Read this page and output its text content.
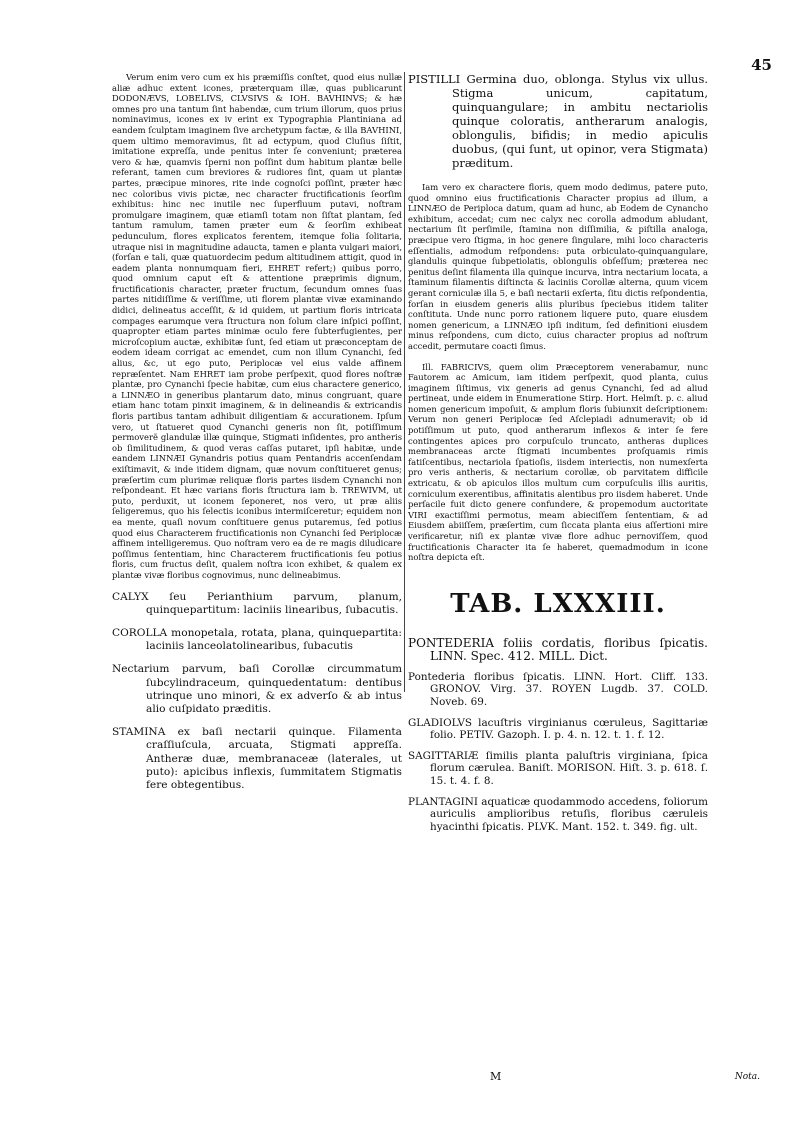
45

Verum enim vero cum ex his præmiſſis conſtet, quod eius nullæ aliæ adhuc extent icones, præterquam illæ, quas publicarunt DODONÆVS, LOBELIVS, CLVSIVS & IOH. BAVHINVS; & hæ omnes pro una tantum ſint habendæ, cum trium illorum, quos prius nominavimus, icones ex iv erint ex Typographia Plantiniana ad eandem ſculptam imaginem ſive archetypum factæ, & illa BAVHINI, quem ultimo memoravimus, ſit ad ectypum, quod Cluſius ſiſtit, imitatione expreſſa, unde penitus inter ſe conveniunt; præterea vero & hæ, quamvis ſperni non poſſint dum habitum plantæ belle referant, tamen cum breviores & rudiores ſint, quam ut plantæ partes, præcipue minores, rite inde cognoſci poſſint, præter hæc nec coloribus vivis pictæ, nec character fructificationis ſeorſim exhibitus: hinc nec inutile nec ſuperfluum putavi, noſtram promulgare imaginem, quæ etiamſi totam non ſiſtat plantam, ſed tantum ramulum, tamen præter eum & ſeorſim exhibeat pedunculum, flores explicatos ferentem, itemque folia ſolitaria, utraque nisi in magnitudine adaucta, tamen e planta vulgari maiori, (forſan e tali, quæ quatuordecim pedum altitudinem attigit, quod in eadem planta nonnumquam fieri, EHRET refert;) quibus porro, quod omnium caput eſt & attentione præprimis dignum, fructificationis character, præter fructum, ſecundum omnes ſuas partes nitidiſſime & veriſſime, uti florem plantæ vivæ examinando didici, delineatus acceſſit, & id quidem, ut partium floris intricata compages earumque vera ſtructura non ſolum clare inſpici poſſint, quapropter etiam partes minimæ oculo fere ſubterfugientes, per microſcopium auctæ, exhibitæ ſunt, ſed etiam ut præconceptam de eodem ideam corrigat ac emendet, cum non illum Cynanchi, ſed alius, &c, ut ego puto, Periplocæ vel eius valde affinem repræſentet. Nam EHRET iam probe perſpexit, quod flores noſtræ plantæ, pro Cynanchi ſpecie habitæ, cum eius charactere generico, a LINNÆO in generibus plantarum dato, minus congruant, quare etiam hanc totam pinxit imaginem, & in delineandis & extricandis floris partibus tantam adhibuit diligentiam & accurationem. Ipſum vero, ut ſtatueret quod Cynanchi generis non ſit, potiſſimum permoverẽ glandulæ illæ quinque, Stigmati inſidentes, pro antheris ob ſimilitudinem, & quod veras caſſas putaret, ipſi habitæ, unde eandem LINNÆI Gynandris potius quam Pentandris accenſendam exiſtimavit, & inde itidem dignam, quæ novum conſtitueret genus; præſertim cum plurimæ reliquæ floris partes iisdem Cynanchi non reſpondeant. Et hæc varians floris ſtructura iam b. TREWIVM, ut puto, perduxit, ut iconem ſeponeret, nos vero, ut præ aliis ſeligeremus, quo his ſelectis iconibus intermiſceretur; equidem non ea mente, quaſi novum conſtituere genus putaremus, ſed potius quod eius Characterem fructificationis non Cynanchi ſed Periplocæ affinem intelligeremus. Quo noſtram vero ea de re magis diludicare poſſimus ſententiam, hinc Characterem fructificationis ſeu potius floris, cum fructus deſit, qualem noſtra icon exhibet, & qualem ex plantæ vivæ floribus cognovimus, nunc delineabimus.

CALYX ſeu Perianthium parvum, planum, quinquepartitum: laciniis linearibus, ſubacutis.

COROLLA monopetala, rotata, plana, quinquepartita: laciniis lanceolatolinearibus, ſubacutis

Nectarium parvum, baſi Corollæ circummatum ſubcylindraceum, quinquedentatum: dentibus utrinque uno minori, & ex adverſo & ab intus alio cuſpidato præditis.

STAMINA ex baſi nectarii quinque. Filamenta craſſiuſcula, arcuata, Stigmati appreſſa. Antheræ duæ, membranaceæ (laterales, ut puto): apicibus inflexis, ſummitatem Stigmatis fere obtegentibus.

PISTILLI Germina duo, oblonga. Stylus vix ullus. Stigma unicum, capitatum, quinquangulare; in ambitu nectariolis quinque coloratis, antherarum analogis, oblongulis, bifidis; in medio apiculis duobus, (qui ſunt, ut opinor, vera Stigmata) præditum.

Iam vero ex charactere floris, quem modo dedimus, patere puto, quod omnino eius fructificationis Character propius ad illum, a LINNÆO de Periploca datum, quam ad hunc, ab Eodem de Cynancho exhibitum, accedat; cum nec calyx nec corolla admodum abludant, nectarium ſit perſimile, ſtamina non diſſimilia, & piſtilla analoga, præcipue vero ſtigma, in hoc genere ſingulare, mihi loco characteris eſſentialis, admodum reſpondens: puta orbiculato-quinquangulare, glandulis quinque ſubpetiolatis, oblongulis obſeſſum; præterea nec penitus deſint filamenta illa quinque incurva, intra nectarium locata, a ſtaminum filamentis diſtincta & laciniis Corollæ alterna, quum vicem gerant corniculæ illa 5, e baſi nectarii exſerta, ſitu dictis reſpondentia, forſan in eiusdem generis aliis pluribus ſpeciebus itidem taliter conſtituta. Unde nunc porro rationem liquere puto, quare eiusdem nomen genericum, a LINNÆO ipſi inditum, ſed definitioni eiusdem minus reſpondens, cum dicto, cuius character propius ad noſtrum accedit, permutare coacti ſimus.

Ill. FABRICIVS, quem olim Præceptorem venerabamur, nunc Fautorem ac Amicum, iam itidem perſpexit, quod planta, cuius imaginem ſiſtimus, vix generis ad genus Cynanchi, ſed ad aliud pertineat, unde eidem in Enumeratione Stirp. Hort. Helmſt. p. c. aliud nomen genericum impoſuit, & amplum floris ſubiunxit deſcriptionem: Verum non generi Periplocæ ſed Aſclepiadi adnumeravit; ob id potiſſimum ut puto, quod antherarum inflexos & inter ſe fere contingentes apices pro corpuſculo truncato, antheras duplices membranaceas arcte ſtigmati incumbentes proſquamis rimis fatiſcentibus, nectariola ſpatioſis, iisdem interiectis, non numexſerta pro veris antheris, & nectarium corollæ, ob parvitatem difficile extricatu, & ob apiculos illos multum cum corpuſculis illis auritis, corniculum exerentibus, affinitatis alentibus pro iisdem haberet. Unde perſacile fuit dicto genere confundere, & propemodum auctoritate VIRI exactiſſimi permotus, meam abieciſſem ſententiam, & ad Eiusdem abiiſſem, præſertim, cum ſiccata planta eius aſſertioni mire verificaretur, niſi ex plantæ vivæ flore adhuc pernoviſſem, quod fructificationis Character ita ſe haberet, quemadmodum in icone noſtra depicta eſt.

TAB. LXXXIII.

PONTEDERIA foliis cordatis, floribus ſpicatis. LINN. Spec. 412. MILL. Dict.

Pontederia floribus ſpicatis. LINN. Hort. Cliff. 133. GRONOV. Virg. 37. ROYEN Lugdb. 37. COLD. Noveb. 69.

GLADIOLVS lacuſtris virginianus cœruleus, Sagittariæ folio. PETIV. Gazoph. I. p. 4. n. 12. t. 1. f. 12.

SAGITTARIÆ ſimilis planta paluſtris virginiana, ſpica florum cærulea. Baniſt. MORISON. Hiſt. 3. p. 618. ſ. 15. t. 4. f. 8.

PLANTAGINI aquaticæ quodammodo accedens, foliorum auriculis amplioribus retuſis, floribus cæruleis hyacinthi ſpicatis. PLVK. Mant. 152. t. 349. fig. ult.

M	Nota.
